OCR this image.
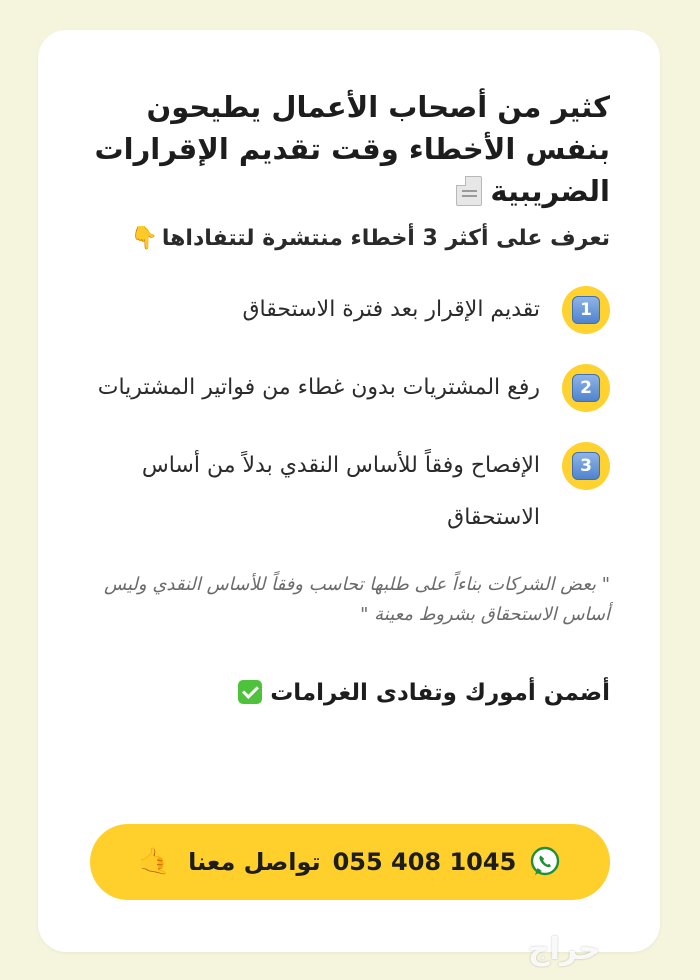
كثير من أصحاب الأعمال يطيحون بنفس الأخطاء وقت تقديم الإقرارات الضريبية
تعرف على أكثر 3 أخطاء منتشرة لتتفاداها👇
1
تقديم الإقرار بعد فترة الاستحقاق
2
رفع المشتريات بدون غطاء من فواتير المشتريات
3
الإفصاح وفقاً للأساس النقدي بدلاً من أساس الاستحقاق
" بعض الشركات بناءاً على طلبها تحاسب وفقاً للأساس النقدي وليس أساس الاستحقاق بشروط معينة "
أضمن أمورك وتفادى الغرامات
055 408 1045
تواصل معنا
🤙
حراج
